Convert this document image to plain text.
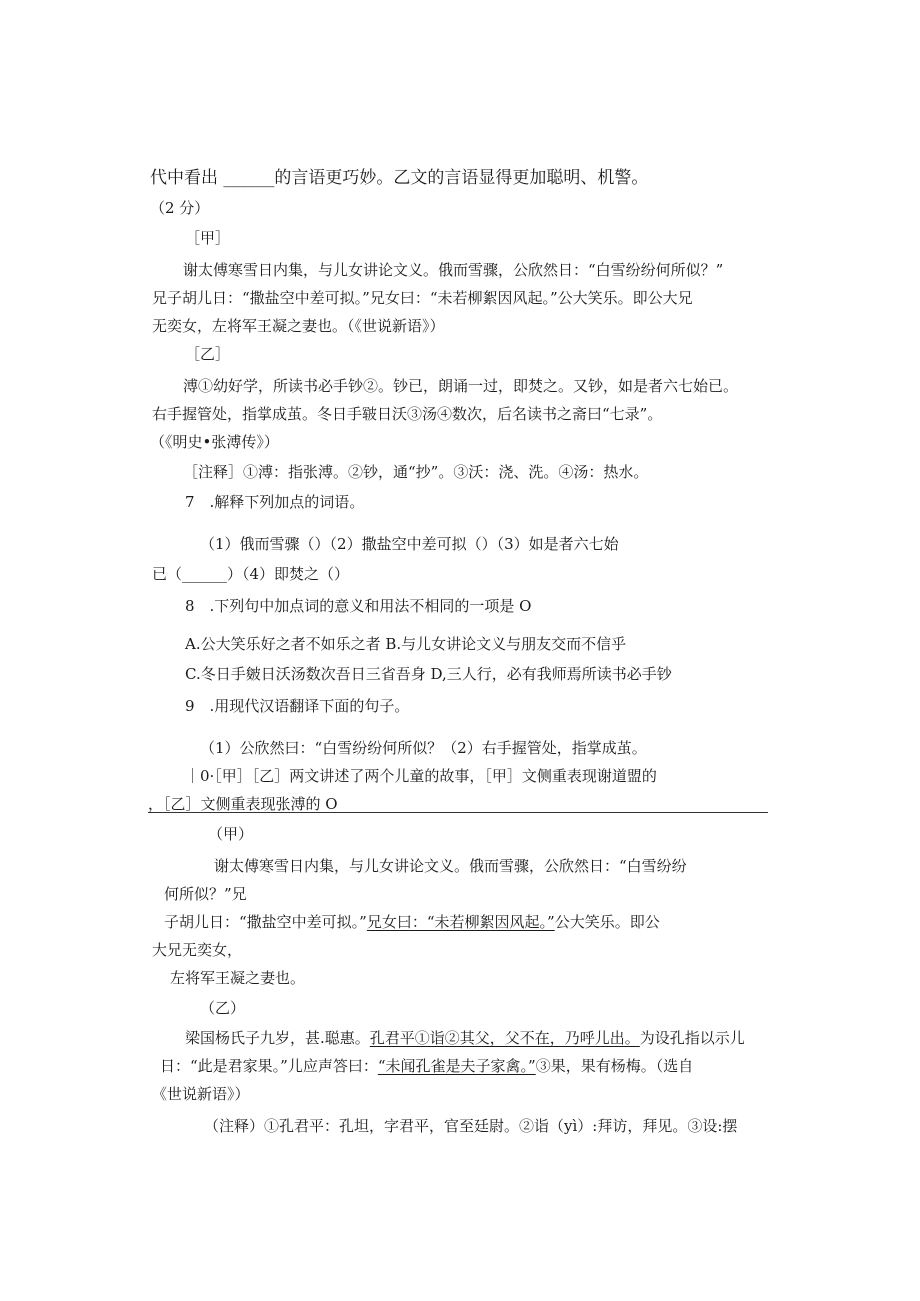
代中看出 ______的言语更巧妙。乙文的言语显得更加聪明、机警。
（2 分）
［甲］
谢太傅寒雪日内集，与儿女讲论文义。俄而雪骤，公欣然日：“白雪纷纷何所似？”
兄子胡儿日：“撒盐空中差可拟。”兄女曰：“未若柳絮因风起。”公大笑乐。即公大兄
无奕女，左将军王凝之妻也。（《世说新语》）
［乙］
溥①幼好学，所读书必手钞②。钞已，朗诵一过，即焚之。又钞，如是者六七始已。
右手握管处，指掌成茧。冬日手皲日沃③汤④数次，后名读书之斋曰“七录”。
（《明史•张溥传》）
［注释］①溥：指张溥。②钞，通“抄”。③沃：浇、洗。④汤：热水。
7　.解释下列加点的词语。
（1）俄而雪骤（）（2）撒盐空中差可拟（）（3）如是者六七始
已（______）（4）即焚之（）
8　.下列句中加点词的意义和用法不相同的一项是 O
A.公大笑乐好之者不如乐之者 B.与儿女讲论文义与朋友交而不信乎
C.冬日手皴日沃汤数次吾日三省吾身 D,三人行，必有我师焉所读书必手钞
9　.用现代汉语翻译下面的句子。
（1）公欣然曰：“白雪纷纷何所似？（2）右手握管处，指掌成茧。
｜0·［甲］［乙］两文讲述了两个儿童的故事，［甲］文侧重表现谢道盟的
，［乙］文侧重表现张溥的 O
（甲）
谢太傅寒雪日内集，与儿女讲论文义。俄而雪骤，公欣然日：“白雪纷纷
何所似？”兄
子胡儿日：“撒盐空中差可拟。”兄女曰：“未若柳絮因风起。”公大笑乐。即公
大兄无奕女，
左将军王凝之妻也。
（乙）
梁国杨氏子九岁，甚.聪惠。孔君平①诣②其父，父不在，乃呼儿出。为设孔指以示儿
日：“此是君家果。”儿应声答曰：“未闻孔雀是夫子家禽。”③果，果有杨梅。（选自
《世说新语》）
（注释）①孔君平：孔坦，字君平，官至廷尉。②诣（yì）:拜访，拜见。③设:摆
